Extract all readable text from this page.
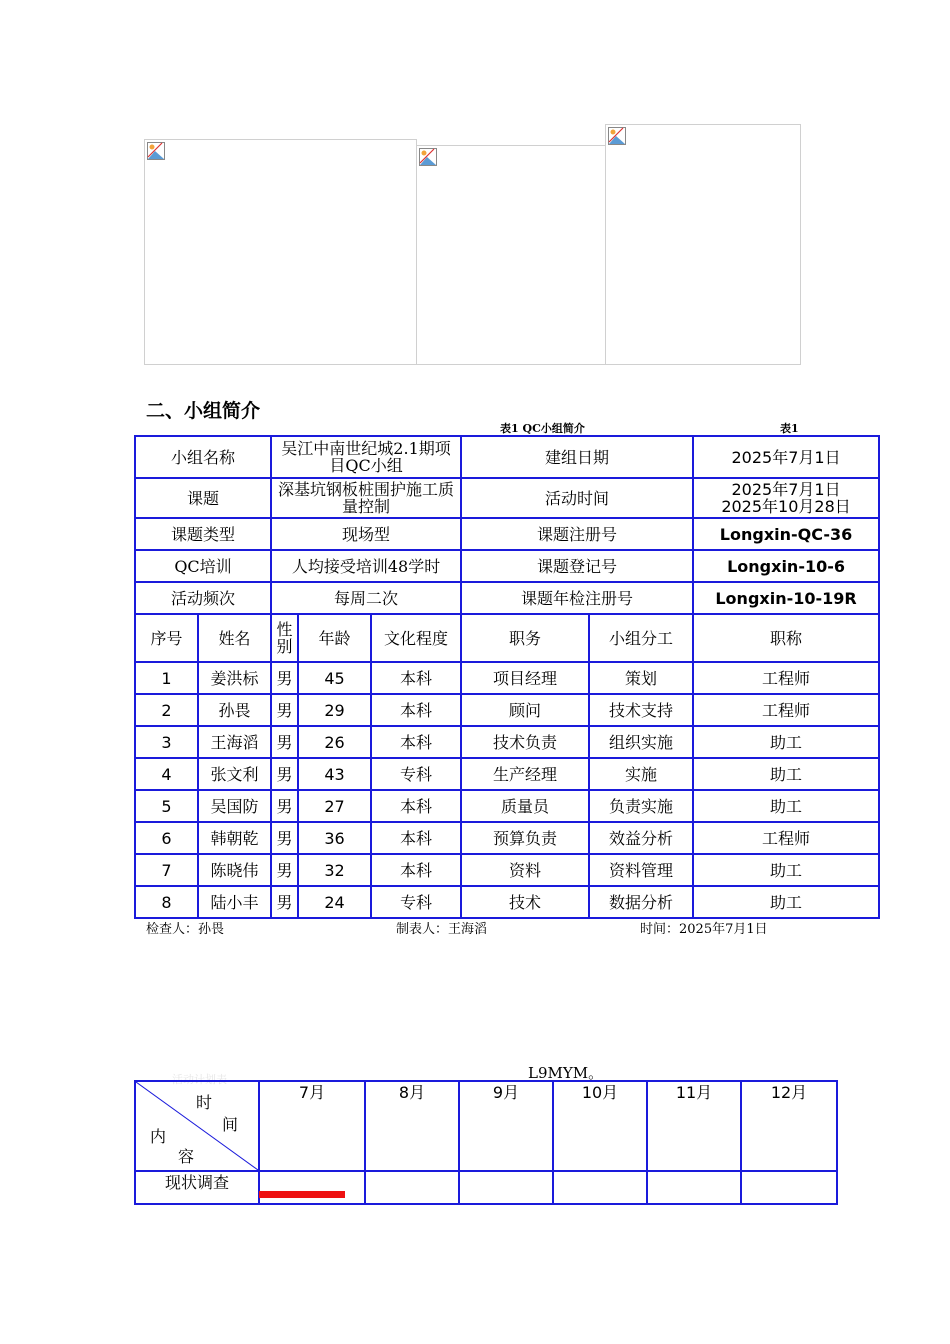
二、小组简介
表1 QC小组简介	表1
小组名称		吴江中南世纪城2.1期项目QC小组			建组日期		2025年7月1日
课题		深基坑钢板桩围护施工质量控制			活动时间		2025年7月1日
2025年10月28日

课题类型		现场型			课题注册号		Longxin-QC-36
QC培训		人均接受培训48学时			课题登记号		Longxin-10-6
活动频次		每周二次			课题年检注册号		Longxin-10-19R
序号	姓名	性别	年龄	文化程度	职务	小组分工	职称
1	姜洪标	男	45	本科	项目经理	策划	工程师
2	孙畏	男	29	本科	顾问	技术支持	工程师
3	王海滔	男	26	本科	技术负责	组织实施	助工
4	张文利	男	43	专科	生产经理	实施	助工
5	吴国防	男	27	本科	质量员	负责实施	助工
6	韩朝乾	男	36	本科	预算负责	效益分析	工程师
7	陈晓伟	男	32	本科	资料	资料管理	助工
8	陆小丰	男	24	专科	技术	数据分析	助工
检查人：孙畏	制表人：王海滔	时间：2025年7月1日
活动计划表	L9MYM。
时
间
内
容	7月	8月	9月	10月	11月	12月
现状调查						
